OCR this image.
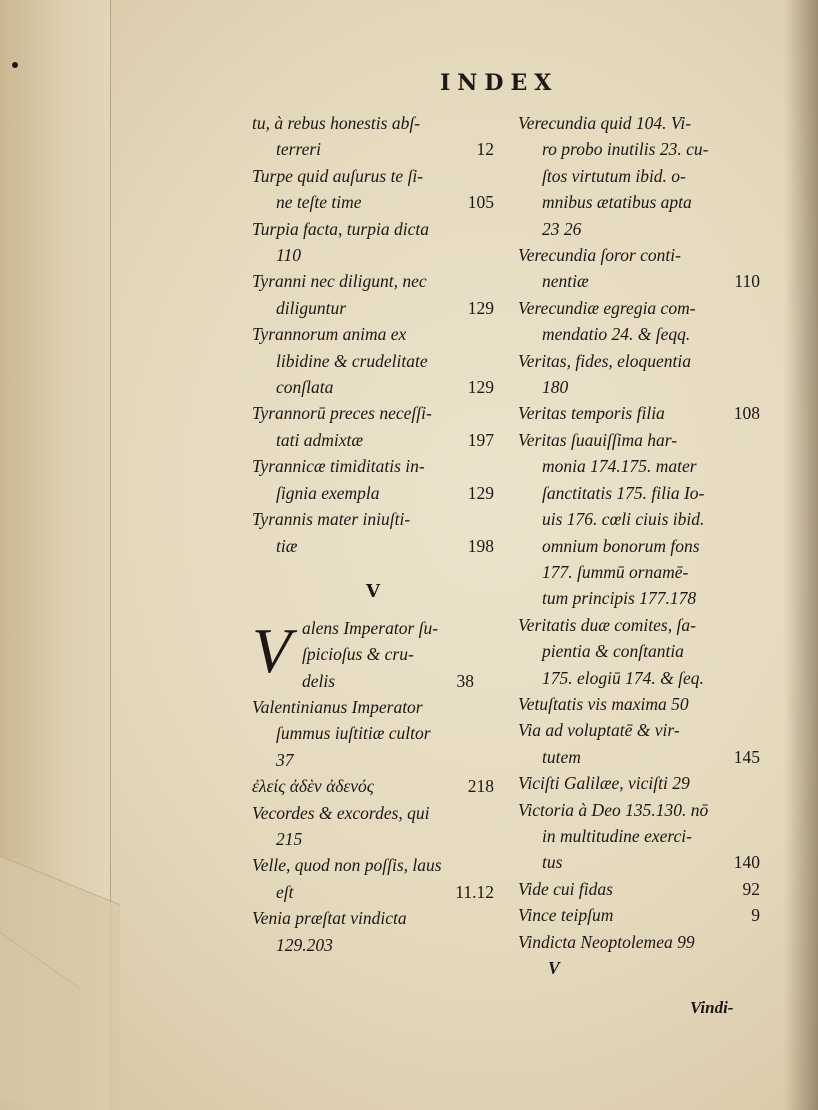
INDEX
tu, à rebus honestis abſ-
terreri	12
Turpe quid auſurus te ſi-
ne teſte time	105
Turpia facta, turpia dicta
110
Tyranni nec diligunt, nec
diliguntur	129
Tyrannorum anima ex
libidine & crudelitate
conſlata	129
Tyrannorū preces neceſſi-
tati admixtæ	197
Tyrannicæ timiditatis in-
ſignia exempla	129
Tyrannis mater iniuſti-
tiæ	198
V
V alens Imperator ſu-
ſpicioſus & cru-
delis	38
Valentinianus Imperator
ſummus iuſtitiæ cultor
37
ἐλείς ἀδὲν ἀδενός	218
Vecordes & excordes, qui
215
Velle, quod non poſſis, laus
eſt	11.12
Venia præſtat vindicta
129.203
Verecundia quid 104. Vi-
ro probo inutilis 23. cu-
ſtos virtutum ibid. o-
mnibus ætatibus apta
23 26
Verecundia ſoror conti-
nentiæ	110
Verecundiæ egregia com-
mendatio 24. & ſeqq.
Veritas, fides, eloquentia
180
Veritas temporis filia	108
Veritas ſuauiſſima har-
monia 174.175. mater
ſanctitatis 175. filia Io-
uis 176. cœli ciuis ibid.
omnium bonorum fons
177. ſummū ornamē-
tum principis 177.178
Veritatis duæ comites, ſa-
pientia & conſtantia
175. elogiū 174. & ſeq.
Vetuſtatis vis maxima 50
Via ad voluptatē & vir-
tutem	145
Viciſti Galilæe, viciſti 29
Victoria à Deo 135.130. nō
in multitudine exerci-
tus	140
Vide cui fidas	92
Vince teipſum	9
Vindicta Neoptolemea 99
V
Vindi-
